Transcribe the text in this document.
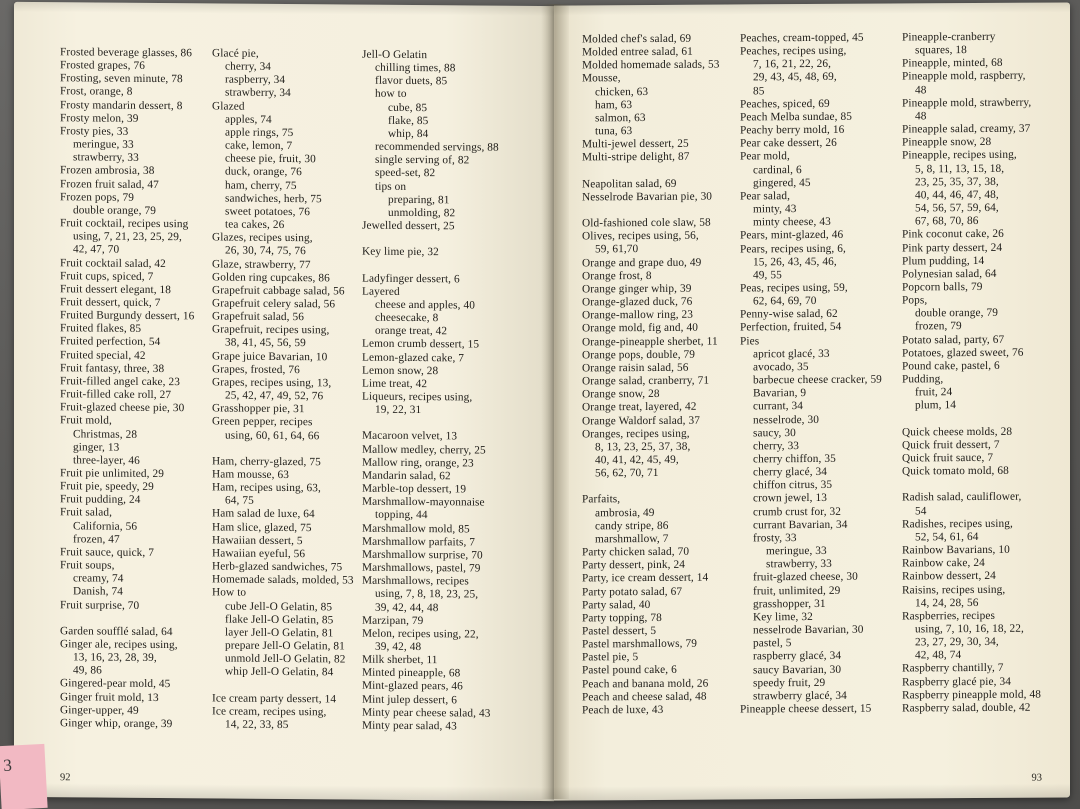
Frosted beverage glasses, 86
Frosted grapes, 76
Frosting, seven minute, 78
Frost, orange, 8
Frosty mandarin dessert, 8
Frosty melon, 39
Frosty pies, 33
meringue, 33
strawberry, 33
Frozen ambrosia, 38
Frozen fruit salad, 47
Frozen pops, 79
double orange, 79
Fruit cocktail, recipes using
using, 7, 21, 23, 25, 29,
42, 47, 70
Fruit cocktail salad, 42
Fruit cups, spiced, 7
Fruit dessert elegant, 18
Fruit dessert, quick, 7
Fruited Burgundy dessert, 16
Fruited flakes, 85
Fruited perfection, 54
Fruited special, 42
Fruit fantasy, three, 38
Fruit-filled angel cake, 23
Fruit-filled cake roll, 27
Fruit-glazed cheese pie, 30
Fruit mold,
Christmas, 28
ginger, 13
three-layer, 46
Fruit pie unlimited, 29
Fruit pie, speedy, 29
Fruit pudding, 24
Fruit salad,
California, 56
frozen, 47
Fruit sauce, quick, 7
Fruit soups,
creamy, 74
Danish, 74
Fruit surprise, 70
Garden soufflé salad, 64
Ginger ale, recipes using,
13, 16, 23, 28, 39,
49, 86
Gingered-pear mold, 45
Ginger fruit mold, 13
Ginger-upper, 49
Ginger whip, orange, 39
Glacé pie,
cherry, 34
raspberry, 34
strawberry, 34
Glazed
apples, 74
apple rings, 75
cake, lemon, 7
cheese pie, fruit, 30
duck, orange, 76
ham, cherry, 75
sandwiches, herb, 75
sweet potatoes, 76
tea cakes, 26
Glazes, recipes using,
26, 30, 74, 75, 76
Glaze, strawberry, 77
Golden ring cupcakes, 86
Grapefruit cabbage salad, 56
Grapefruit celery salad, 56
Grapefruit salad, 56
Grapefruit, recipes using,
38, 41, 45, 56, 59
Grape juice Bavarian, 10
Grapes, frosted, 76
Grapes, recipes using, 13,
25, 42, 47, 49, 52, 76
Grasshopper pie, 31
Green pepper, recipes
using, 60, 61, 64, 66
Ham, cherry-glazed, 75
Ham mousse, 63
Ham, recipes using, 63,
64, 75
Ham salad de luxe, 64
Ham slice, glazed, 75
Hawaiian dessert, 5
Hawaiian eyeful, 56
Herb-glazed sandwiches, 75
Homemade salads, molded, 53
How to
cube Jell-O Gelatin, 85
flake Jell-O Gelatin, 85
layer Jell-O Gelatin, 81
prepare Jell-O Gelatin, 81
unmold Jell-O Gelatin, 82
whip Jell-O Gelatin, 84
Ice cream party dessert, 14
Ice cream, recipes using,
14, 22, 33, 85
Jell-O Gelatin
chilling times, 88
flavor duets, 85
how to
cube, 85
flake, 85
whip, 84
recommended servings, 88
single serving of, 82
speed-set, 82
tips on
preparing, 81
unmolding, 82
Jewelled dessert, 25
Key lime pie, 32
Ladyfinger dessert, 6
Layered
cheese and apples, 40
cheesecake, 8
orange treat, 42
Lemon crumb dessert, 15
Lemon-glazed cake, 7
Lemon snow, 28
Lime treat, 42
Liqueurs, recipes using,
19, 22, 31
Macaroon velvet, 13
Mallow medley, cherry, 25
Mallow ring, orange, 23
Mandarin salad, 62
Marble-top dessert, 19
Marshmallow-mayonnaise
topping, 44
Marshmallow mold, 85
Marshmallow parfaits, 7
Marshmallow surprise, 70
Marshmallows, pastel, 79
Marshmallows, recipes
using, 7, 8, 18, 23, 25,
39, 42, 44, 48
Marzipan, 79
Melon, recipes using, 22,
39, 42, 48
Milk sherbet, 11
Minted pineapple, 68
Mint-glazed pears, 46
Mint julep dessert, 6
Minty pear cheese salad, 43
Minty pear salad, 43
92
Molded chef's salad, 69
Molded entree salad, 61
Molded homemade salads, 53
Mousse,
chicken, 63
ham, 63
salmon, 63
tuna, 63
Multi-jewel dessert, 25
Multi-stripe delight, 87
Neapolitan salad, 69
Nesselrode Bavarian pie, 30
Old-fashioned cole slaw, 58
Olives, recipes using, 56,
59, 61,70
Orange and grape duo, 49
Orange frost, 8
Orange ginger whip, 39
Orange-glazed duck, 76
Orange-mallow ring, 23
Orange mold, fig and, 40
Orange-pineapple sherbet, 11
Orange pops, double, 79
Orange raisin salad, 56
Orange salad, cranberry, 71
Orange snow, 28
Orange treat, layered, 42
Orange Waldorf salad, 37
Oranges, recipes using,
8, 13, 23, 25, 37, 38,
40, 41, 42, 45, 49,
56, 62, 70, 71
Parfaits,
ambrosia, 49
candy stripe, 86
marshmallow, 7
Party chicken salad, 70
Party dessert, pink, 24
Party, ice cream dessert, 14
Party potato salad, 67
Party salad, 40
Party topping, 78
Pastel dessert, 5
Pastel marshmallows, 79
Pastel pie, 5
Pastel pound cake, 6
Peach and banana mold, 26
Peach and cheese salad, 48
Peach de luxe, 43
Peaches, cream-topped, 45
Peaches, recipes using,
7, 16, 21, 22, 26,
29, 43, 45, 48, 69,
85
Peaches, spiced, 69
Peach Melba sundae, 85
Peachy berry mold, 16
Pear cake dessert, 26
Pear mold,
cardinal, 6
gingered, 45
Pear salad,
minty, 43
minty cheese, 43
Pears, mint-glazed, 46
Pears, recipes using, 6,
15, 26, 43, 45, 46,
49, 55
Peas, recipes using, 59,
62, 64, 69, 70
Penny-wise salad, 62
Perfection, fruited, 54
Pies
apricot glacé, 33
avocado, 35
barbecue cheese cracker, 59
Bavarian, 9
currant, 34
nesselrode, 30
saucy, 30
cherry, 33
cherry chiffon, 35
cherry glacé, 34
chiffon citrus, 35
crown jewel, 13
crumb crust for, 32
currant Bavarian, 34
frosty, 33
meringue, 33
strawberry, 33
fruit-glazed cheese, 30
fruit, unlimited, 29
grasshopper, 31
Key lime, 32
nesselrode Bavarian, 30
pastel, 5
raspberry glacé, 34
saucy Bavarian, 30
speedy fruit, 29
strawberry glacé, 34
Pineapple cheese dessert, 15
Pineapple-cranberry
squares, 18
Pineapple, minted, 68
Pineapple mold, raspberry,
48
Pineapple mold, strawberry,
48
Pineapple salad, creamy, 37
Pineapple snow, 28
Pineapple, recipes using,
5, 8, 11, 13, 15, 18,
23, 25, 35, 37, 38,
40, 44, 46, 47, 48,
54, 56, 57, 59, 64,
67, 68, 70, 86
Pink coconut cake, 26
Pink party dessert, 24
Plum pudding, 14
Polynesian salad, 64
Popcorn balls, 79
Pops,
double orange, 79
frozen, 79
Potato salad, party, 67
Potatoes, glazed sweet, 76
Pound cake, pastel, 6
Pudding,
fruit, 24
plum, 14
Quick cheese molds, 28
Quick fruit dessert, 7
Quick fruit sauce, 7
Quick tomato mold, 68
Radish salad, cauliflower,
54
Radishes, recipes using,
52, 54, 61, 64
Rainbow Bavarians, 10
Rainbow cake, 24
Rainbow dessert, 24
Raisins, recipes using,
14, 24, 28, 56
Raspberries, recipes
using, 7, 10, 16, 18, 22,
23, 27, 29, 30, 34,
42, 48, 74
Raspberry chantilly, 7
Raspberry glacé pie, 34
Raspberry pineapple mold, 48
Raspberry salad, double, 42
93
3
